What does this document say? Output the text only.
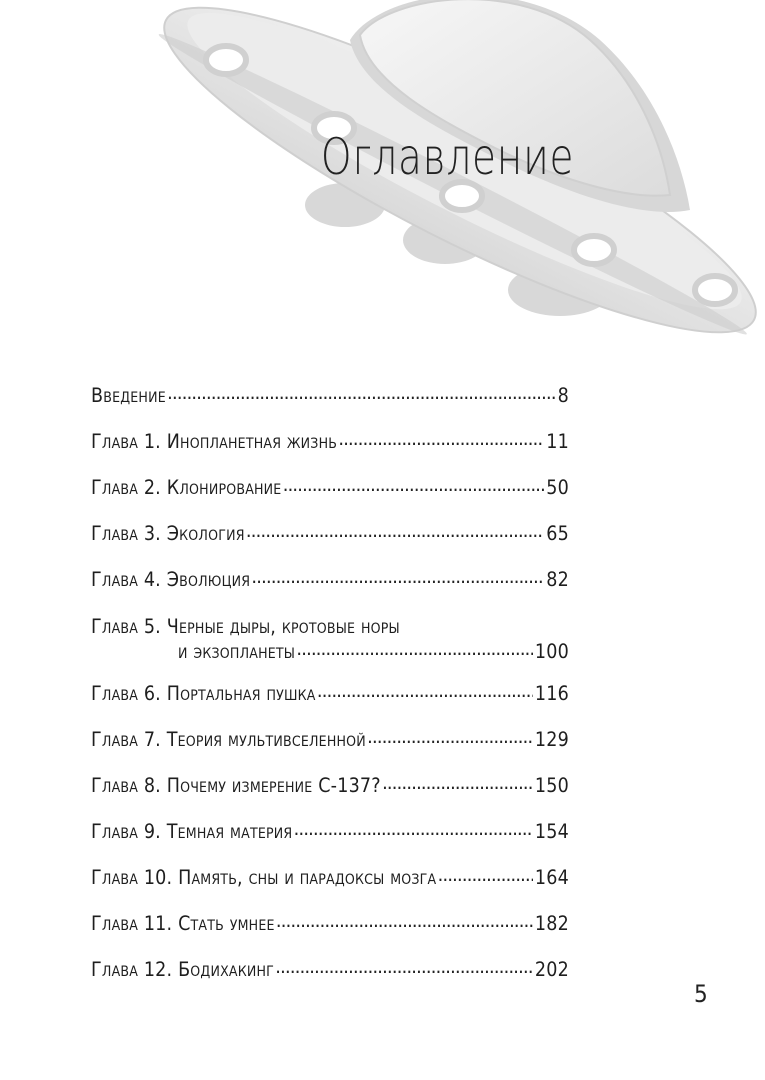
Оглавление
Введение . . .	8
Глава 1. Инопланетная жизнь . . .	11
Глава 2. Клонирование . . .	50
Глава 3. Экология . . .	65
Глава 4. Эволюция . . .	82
Глава 5. Черные дыры, кротовые норы
и экзопланеты . . .	100
Глава 6. Портальная пушка . . .	116
Глава 7. Теория мультивселенной . . .	129
Глава 8. Почему измерение С-137? . . .	150
Глава 9. Темная материя . . .	154
Глава 10. Память, сны и парадоксы мозга . . .	164
Глава 11. Стать умнее . . .	182
Глава 12. Бодихакинг . . .	202
5
